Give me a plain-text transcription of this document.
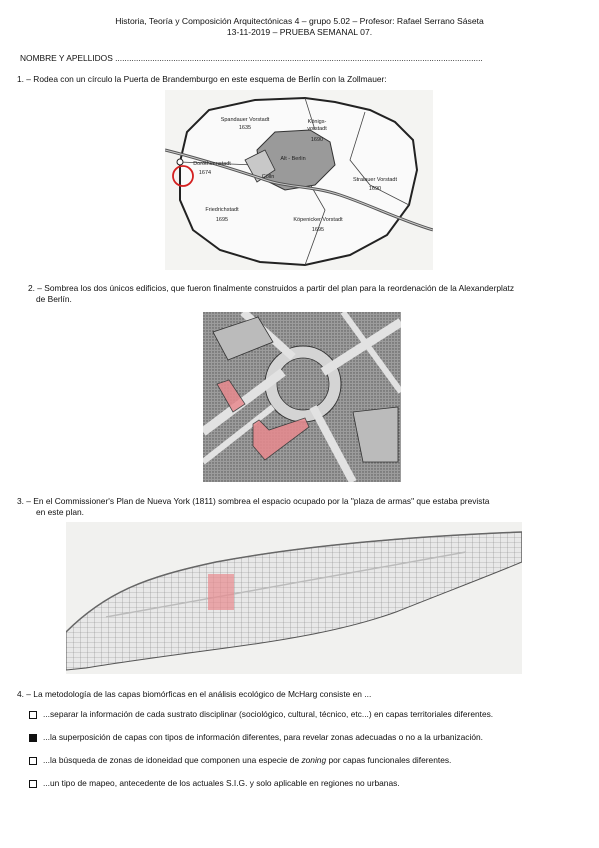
Historia, Teoría y Composición Arquitectónicas 4 – grupo 5.02 – Profesor: Rafael Serrano Sáseta
13-11-2019 – PRUEBA SEMANAL 07.
NOMBRE Y APELLIDOS ..............................................................................................................................................................
1. – Rodea con un círculo la Puerta de Brandemburgo en este esquema de Berlín con la Zollmauer:
Spandauer Vorstadt
1635
Königs-
vorstadt
1690
Alt - Berlin
Dorotheenstadt
1674
Cölln	Stralauer Vorstadt
1690
Friedrichstadt
1695	Köpenicker Vorstadt
1695
2. – Sombrea los dos únicos edificios, que fueron finalmente construidos a partir del plan para la reordenación de la Alexanderplatz
de Berlín.
3. – En el Commissioner's Plan de Nueva York (1811) sombrea el espacio ocupado por la "plaza de armas" que estaba prevista
en este plan.
4. – La metodología de las capas biomórficas en el análisis ecológico de McHarg consiste en ...
...separar la información de cada sustrato disciplinar (sociológico, cultural, técnico, etc...) en capas territoriales diferentes.
...la superposición de capas con tipos de información diferentes, para revelar zonas adecuadas o no a la urbanización.
...la búsqueda de zonas de idoneidad que componen una especie de zoning por capas funcionales diferentes.
...un tipo de mapeo, antecedente de los actuales S.I.G. y solo aplicable en regiones no urbanas.
